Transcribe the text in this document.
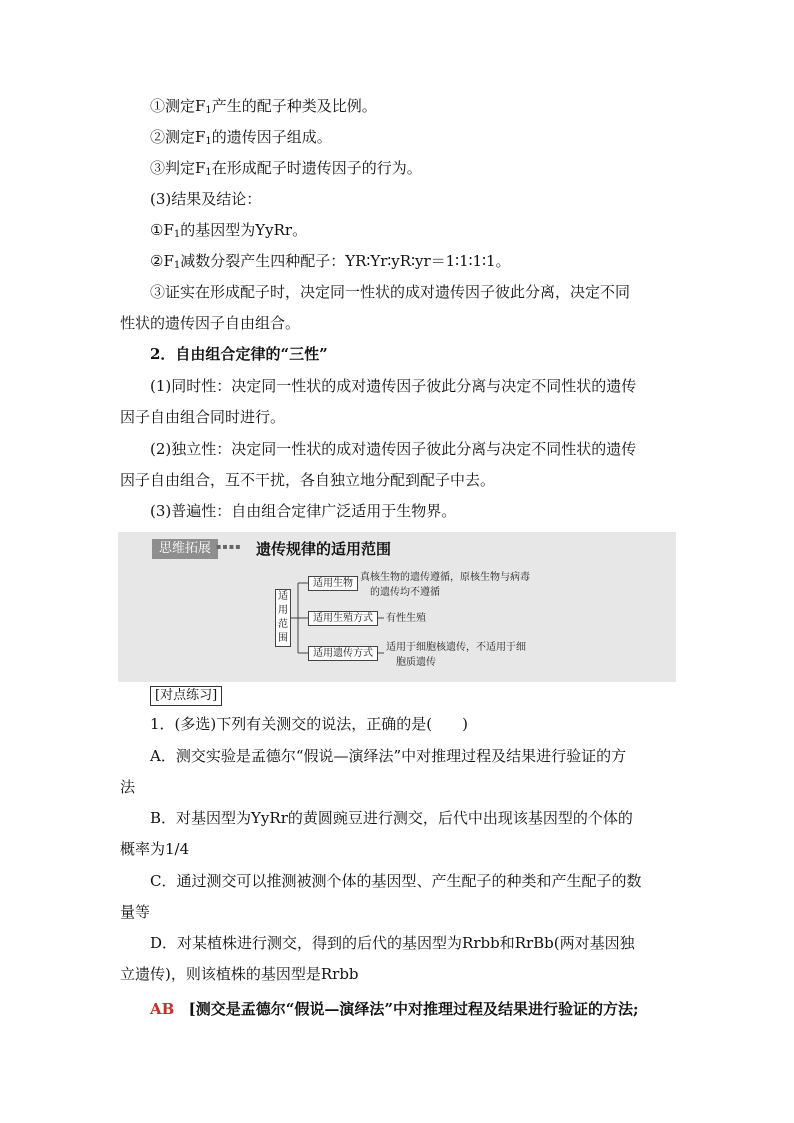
①测定$F_1$产生的配子种类及比例。
②测定$F_1$的遗传因子组成。
③判定$F_1$在形成配子时遗传因子的行为。
(3)结果及结论：
$①F_1$的基因型为YyRr。
$②F_1$减数分裂产生四种配子：YR∶Yr∶yR∶yr＝1∶1∶1∶1。
③证实在形成配子时，决定同一性状的成对遗传因子彼此分离，决定不同
性状的遗传因子自由组合。
2．自由组合定律的“三性”
(1)同时性：决定同一性状的成对遗传因子彼此分离与决定不同性状的遗传
因子自由组合同时进行。
(2)独立性：决定同一性状的成对遗传因子彼此分离与决定不同性状的遗传
因子自由组合，互不干扰，各自独立地分配到配子中去。
(3)普遍性：自由组合定律广泛适用于生物界。
思维拓展 ▪▪▪▪ 遗传规律的适用范围
适
用
范
围
适用生物
真核生物的遗传遵循，原核生物与病毒
的遗传均不遵循
适用生殖方式	有性生殖
适用遗传方式
适用于细胞核遗传，不适用于细
胞质遗传
[对点练习]
1．(多选)下列有关测交的说法，正确的是(　　)
A．测交实验是孟德尔“假说—演绎法”中对推理过程及结果进行验证的方
法
B．对基因型为YyRr的黄圆豌豆进行测交，后代中出现该基因型的个体的
概率为1/4
C．通过测交可以推测被测个体的基因型、产生配子的种类和产生配子的数
量等
D．对某植株进行测交，得到的后代的基因型为Rrbb和RrBb(两对基因独
立遗传)，则该植株的基因型是Rrbb
AB [测交是孟德尔“假说—演绎法”中对推理过程及结果进行验证的方法;
